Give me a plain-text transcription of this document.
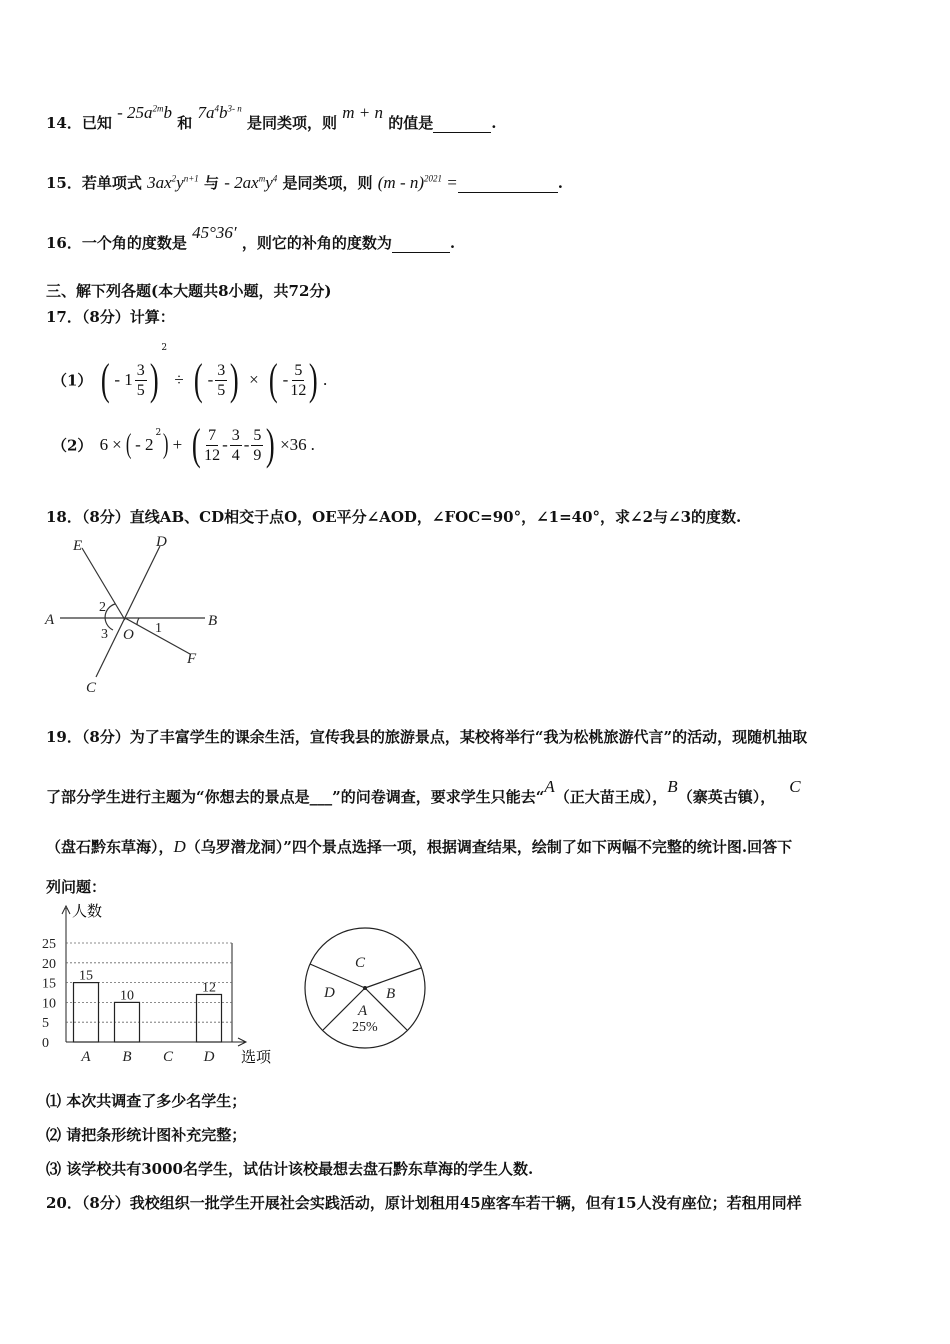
14．已知 - $25a^{2m}b$ 和 $7a^4b^{3- n}$ 是同类项，则 m + n 的值是	.
15．若单项式 $3ax^2y^{n+1}$ 与 - $2ax^my^4$ 是同类项，则 (m - n)$^{2021}$ =	.
16．一个角的度数是 45°36′ ，则它的补角的度数为	.
三、解下列各题(本大题共8小题，共72分)
17．（8分）计算：
（1） ( - $1 \frac{3}{5} )^2$ ÷ ( - $\frac{3}{5}$ ) × ( - $\frac{5}{12}$ ) .
（2） 6 × ( - $2^2$) + ( $\frac{7}{12} - \frac{3}{4} - \frac{5}{9}$ ) ×36 .
18．（8分）直线AB、CD相交于点O，OE平分∠AOD，∠FOC=90°，∠1=40°，求∠2与∠3的度数.
E	D
A	B
O
C
F
2
3	1
19．（8分）为了丰富学生的课余生活，宣传我县的旅游景点，某校将举行“我为松桃旅游代言”的活动，现随机抽取
了部分学生进行主题为“你想去的景点是___”的问卷调查，要求学生只能去“A（正大苗王成），B（寨英古镇），C
（盘石黔东草海），D（乌罗潜龙洞）”四个景点选择一项，根据调查结果，绘制了如下两幅不完整的统计图.回答下
列问题：
人数
选项
0
5
10
15
20
25
15
A
10
B C
12
D
C
B
A
D
25%
⑴ 本次共调查了多少名学生；
⑵ 请把条形统计图补充完整；
⑶ 该学校共有3000名学生，试估计该校最想去盘石黔东草海的学生人数.
20．（8分）我校组织一批学生开展社会实践活动，原计划租用45座客车若干辆，但有15人没有座位；若租用同样
